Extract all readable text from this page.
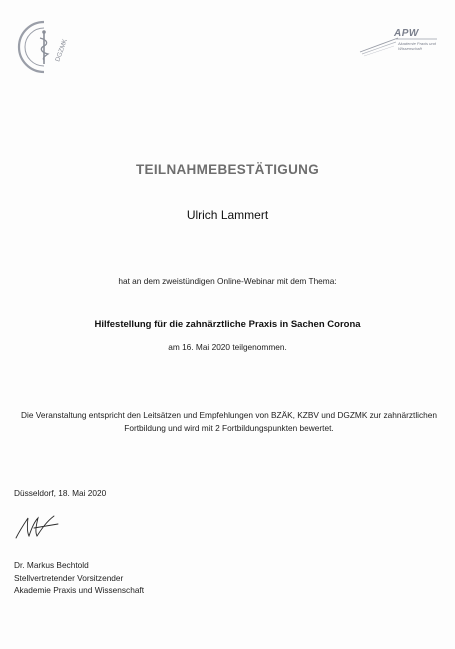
DGZMK
APW
Akademie Praxis und Wissenschaft
TEILNAHMEBESTÄTIGUNG
Ulrich Lammert
hat an dem zweistündigen Online-Webinar mit dem Thema:
Hilfestellung für die zahnärztliche Praxis in Sachen Corona
am 16. Mai 2020 teilgenommen.
Die Veranstaltung entspricht den Leitsätzen und Empfehlungen von BZÄK, KZBV und DGZMK zur zahnärztlichen Fortbildung und wird mit 2 Fortbildungspunkten bewertet.
Düsseldorf, 18. Mai 2020
Dr. Markus Bechtold
Stellvertretender Vorsitzender
Akademie Praxis und Wissenschaft
